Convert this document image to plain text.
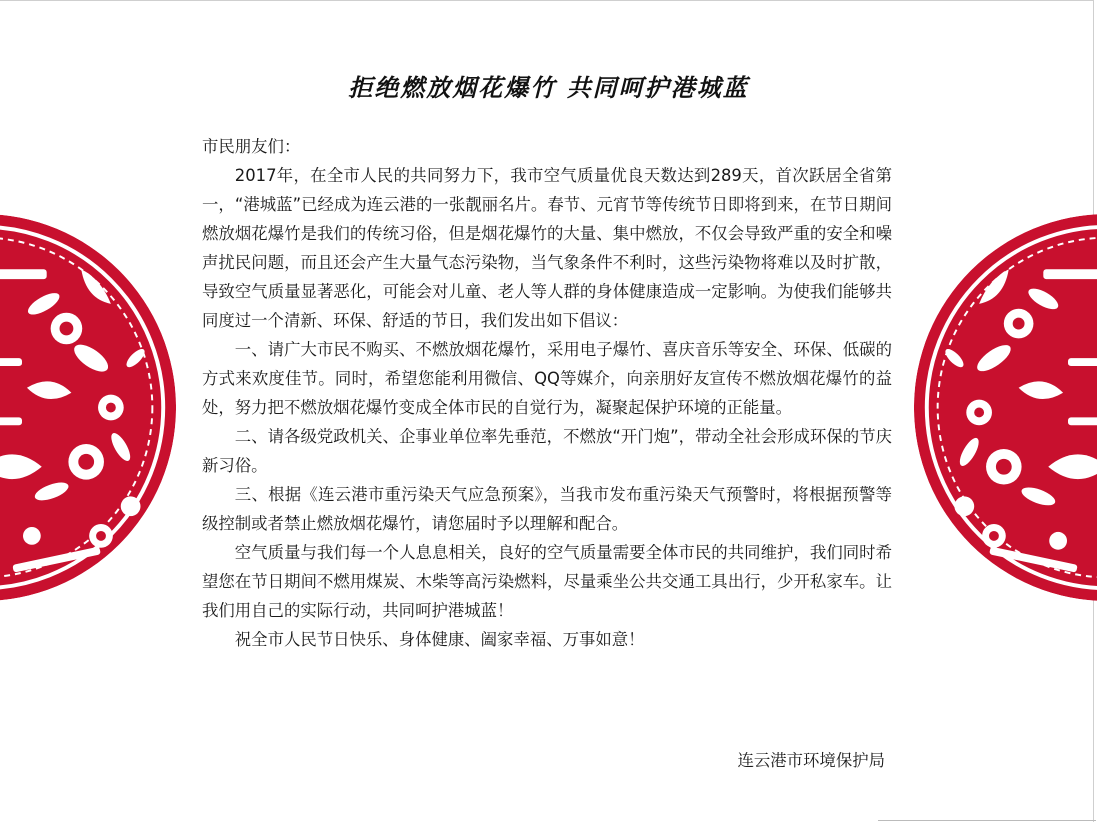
拒绝燃放烟花爆竹 共同呵护港城蓝

市民朋友们：

2017年，在全市人民的共同努力下，我市空气质量优良天数达到289天，首次跃居全省第一，“港城蓝”已经成为连云港的一张靓丽名片。春节、元宵节等传统节日即将到来，在节日期间燃放烟花爆竹是我们的传统习俗，但是烟花爆竹的大量、集中燃放，不仅会导致严重的安全和噪声扰民问题，而且还会产生大量气态污染物，当气象条件不利时，这些污染物将难以及时扩散，导致空气质量显著恶化，可能会对儿童、老人等人群的身体健康造成一定影响。为使我们能够共同度过一个清新、环保、舒适的节日，我们发出如下倡议：

一、请广大市民不购买、不燃放烟花爆竹，采用电子爆竹、喜庆音乐等安全、环保、低碳的方式来欢度佳节。同时，希望您能利用微信、QQ等媒介，向亲朋好友宣传不燃放烟花爆竹的益处，努力把不燃放烟花爆竹变成全体市民的自觉行为，凝聚起保护环境的正能量。

二、请各级党政机关、企事业单位率先垂范，不燃放“开门炮”，带动全社会形成环保的节庆新习俗。

三、根据《连云港市重污染天气应急预案》，当我市发布重污染天气预警时，将根据预警等级控制或者禁止燃放烟花爆竹，请您届时予以理解和配合。

空气质量与我们每一个人息息相关，良好的空气质量需要全体市民的共同维护，我们同时希望您在节日期间不燃用煤炭、木柴等高污染燃料，尽量乘坐公共交通工具出行，少开私家车。让我们用自己的实际行动，共同呵护港城蓝！

祝全市人民节日快乐、身体健康、阖家幸福、万事如意！

连云港市环境保护局
